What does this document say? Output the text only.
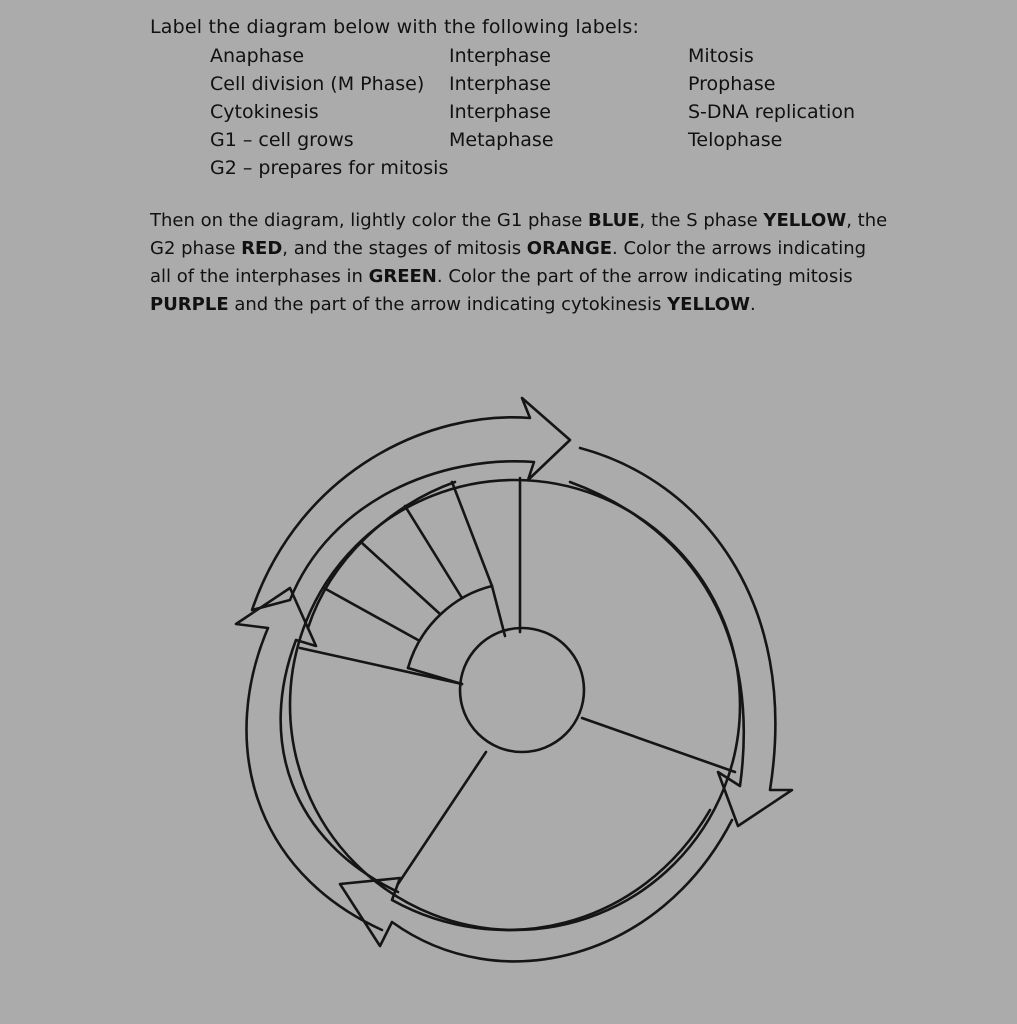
Label the diagram below with the following labels:
Anaphase
Cell division (M Phase)
Cytokinesis
G1 – cell grows
G2 – prepares for mitosis
Interphase
Interphase
Interphase
Metaphase
Mitosis
Prophase
S-DNA replication
Telophase
Then on the diagram, lightly color the G1 phase BLUE, the S phase YELLOW, the G2 phase RED, and the stages of mitosis ORANGE. Color the arrows indicating all of the interphases in GREEN. Color the part of the arrow indicating mitosis PURPLE and the part of the arrow indicating cytokinesis YELLOW.
